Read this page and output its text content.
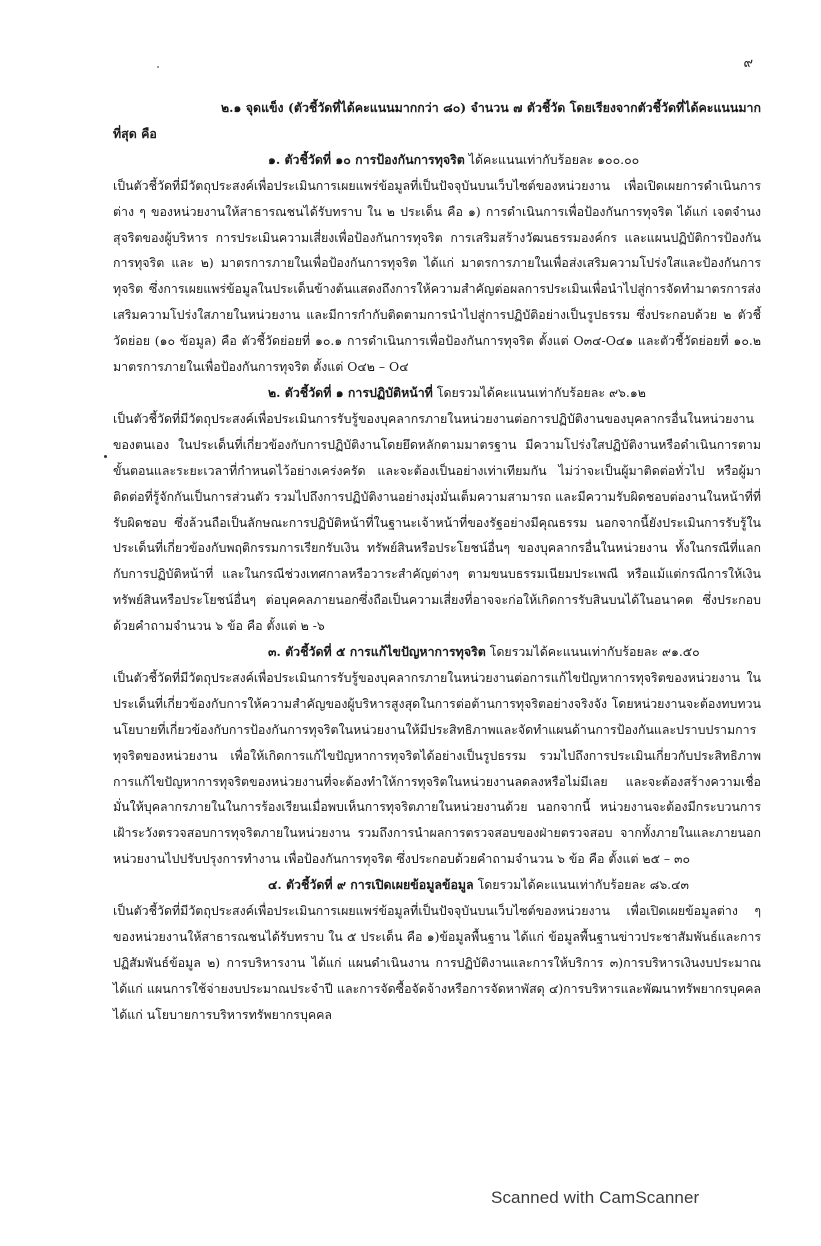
๙

๒.๑ จุดแข็ง (ตัวชี้วัดที่ได้คะแนนมากกว่า ๘๐) จำนวน ๗ ตัวชี้วัด โดยเรียงจากตัวชี้วัดที่ได้คะแนนมากที่สุด คือ

๑. ตัวชี้วัดที่ ๑๐ การป้องกันการทุจริต ได้คะแนนเท่ากับร้อยละ ๑๐๐.๐๐

เป็นตัวชี้วัดที่มีวัตถุประสงค์เพื่อประเมินการเผยแพร่ข้อมูลที่เป็นปัจจุบันบนเว็บไซต์ของหน่วยงาน เพื่อเปิดเผยการดำเนินการต่าง ๆ ของหน่วยงานให้สาธารณชนได้รับทราบ ใน ๒ ประเด็น คือ ๑) การดำเนินการเพื่อป้องกันการทุจริต ได้แก่ เจตจำนงสุจริตของผู้บริหาร การประเมินความเสี่ยงเพื่อป้องกันการทุจริต การเสริมสร้างวัฒนธรรมองค์กร และแผนปฏิบัติการป้องกันการทุจริต และ ๒) มาตรการภายในเพื่อป้องกันการทุจริต ได้แก่ มาตรการภายในเพื่อส่งเสริมความโปร่งใสและป้องกันการทุจริต ซึ่งการเผยแพร่ข้อมูลในประเด็นข้างต้นแสดงถึงการให้ความสำคัญต่อผลการประเมินเพื่อนำไปสู่การจัดทำมาตรการส่งเสริมความโปร่งใสภายในหน่วยงาน และมีการกำกับติดตามการนำไปสู่การปฏิบัติอย่างเป็นรูปธรรม ซึ่งประกอบด้วย ๒ ตัวชี้วัดย่อย (๑๐ ข้อมูล) คือ ตัวชี้วัดย่อยที่ ๑๐.๑ การดำเนินการเพื่อป้องกันการทุจริต ตั้งแต่ O๓๔-O๔๑ และตัวชี้วัดย่อยที่ ๑๐.๒ มาตรการภายในเพื่อป้องกันการทุจริต ตั้งแต่ O๔๒ – O๔

๒. ตัวชี้วัดที่ ๑ การปฏิบัติหน้าที่ โดยรวมได้คะแนนเท่ากับร้อยละ ๙๖.๑๒

เป็นตัวชี้วัดที่มีวัตถุประสงค์เพื่อประเมินการรับรู้ของบุคลากรภายในหน่วยงานต่อการปฏิบัติงานของบุคลากรอื่นในหน่วยงานของตนเอง ในประเด็นที่เกี่ยวข้องกับการปฏิบัติงานโดยยึดหลักตามมาตรฐาน มีความโปร่งใสปฏิบัติงานหรือดำเนินการตามขั้นตอนและระยะเวลาที่กำหนดไว้อย่างเคร่งครัด และจะต้องเป็นอย่างเท่าเทียมกัน ไม่ว่าจะเป็นผู้มาติดต่อทั่วไป หรือผู้มาติดต่อที่รู้จักกันเป็นการส่วนตัว รวมไปถึงการปฏิบัติงานอย่างมุ่งมั่นเต็มความสามารถ และมีความรับผิดชอบต่องานในหน้าที่ที่รับผิดชอบ ซึ่งล้วนถือเป็นลักษณะการปฏิบัติหน้าที่ในฐานะเจ้าหน้าที่ของรัฐอย่างมีคุณธรรม นอกจากนี้ยังประเมินการรับรู้ในประเด็นที่เกี่ยวข้องกับพฤติกรรมการเรียกรับเงิน ทรัพย์สินหรือประโยชน์อื่นๆ ของบุคลากรอื่นในหน่วยงาน ทั้งในกรณีที่แลกกับการปฏิบัติหน้าที่ และในกรณีช่วงเทศกาลหรือวาระสำคัญต่างๆ ตามขนบธรรมเนียมประเพณี หรือแม้แต่กรณีการให้เงินทรัพย์สินหรือประโยชน์อื่นๆ ต่อบุคคลภายนอกซึ่งถือเป็นความเสี่ยงที่อาจจะก่อให้เกิดการรับสินบนได้ในอนาคต ซึ่งประกอบด้วยคำถามจำนวน ๖ ข้อ คือ ตั้งแต่ ๒ -๖

๓. ตัวชี้วัดที่ ๕ การแก้ไขปัญหาการทุจริต โดยรวมได้คะแนนเท่ากับร้อยละ ๙๑.๕๐

เป็นตัวชี้วัดที่มีวัตถุประสงค์เพื่อประเมินการรับรู้ของบุคลากรภายในหน่วยงานต่อการแก้ไขปัญหาการทุจริตของหน่วยงาน ในประเด็นที่เกี่ยวข้องกับการให้ความสำคัญของผู้บริหารสูงสุดในการต่อต้านการทุจริตอย่างจริงจัง โดยหน่วยงานจะต้องทบทวนนโยบายที่เกี่ยวข้องกับการป้องกันการทุจริตในหน่วยงานให้มีประสิทธิภาพและจัดทำแผนด้านการป้องกันและปราบปรามการทุจริตของหน่วยงาน เพื่อให้เกิดการแก้ไขปัญหาการทุจริตได้อย่างเป็นรูปธรรม รวมไปถึงการประเมินเกี่ยวกับประสิทธิภาพการแก้ไขปัญหาการทุจริตของหน่วยงานที่จะต้องทำให้การทุจริตในหน่วยงานลดลงหรือไม่มีเลย และจะต้องสร้างความเชื่อมั่นให้บุคลากรภายในในการร้องเรียนเมื่อพบเห็นการทุจริตภายในหน่วยงานด้วย นอกจากนี้ หน่วยงานจะต้องมีกระบวนการเฝ้าระวังตรวจสอบการทุจริตภายในหน่วยงาน รวมถึงการนำผลการตรวจสอบของฝ่ายตรวจสอบ จากทั้งภายในและภายนอกหน่วยงานไปปรับปรุงการทำงาน เพื่อป้องกันการทุจริต ซึ่งประกอบด้วยคำถามจำนวน ๖ ข้อ คือ ตั้งแต่ ๒๕ – ๓๐

๔. ตัวชี้วัดที่ ๙ การเปิดเผยข้อมูลข้อมูล โดยรวมได้คะแนนเท่ากับร้อยละ ๘๖.๔๓

เป็นตัวชี้วัดที่มีวัตถุประสงค์เพื่อประเมินการเผยแพร่ข้อมูลที่เป็นปัจจุบันบนเว็บไซต์ของหน่วยงาน เพื่อเปิดเผยข้อมูลต่าง ๆ ของหน่วยงานให้สาธารณชนได้รับทราบ ใน ๕ ประเด็น คือ ๑)ข้อมูลพื้นฐาน ได้แก่ ข้อมูลพื้นฐานข่าวประชาสัมพันธ์และการปฏิสัมพันธ์ข้อมูล ๒) การบริหารงาน ได้แก่ แผนดำเนินงาน การปฏิบัติงานและการให้บริการ ๓)การบริหารเงินงบประมาณ ได้แก่ แผนการใช้จ่ายงบประมาณประจำปี และการจัดซื้อจัดจ้างหรือการจัดหาพัสดุ ๔)การบริหารและพัฒนาทรัพยากรบุคคล ได้แก่ นโยบายการบริหารทรัพยากรบุคคล

Scanned with CamScanner
